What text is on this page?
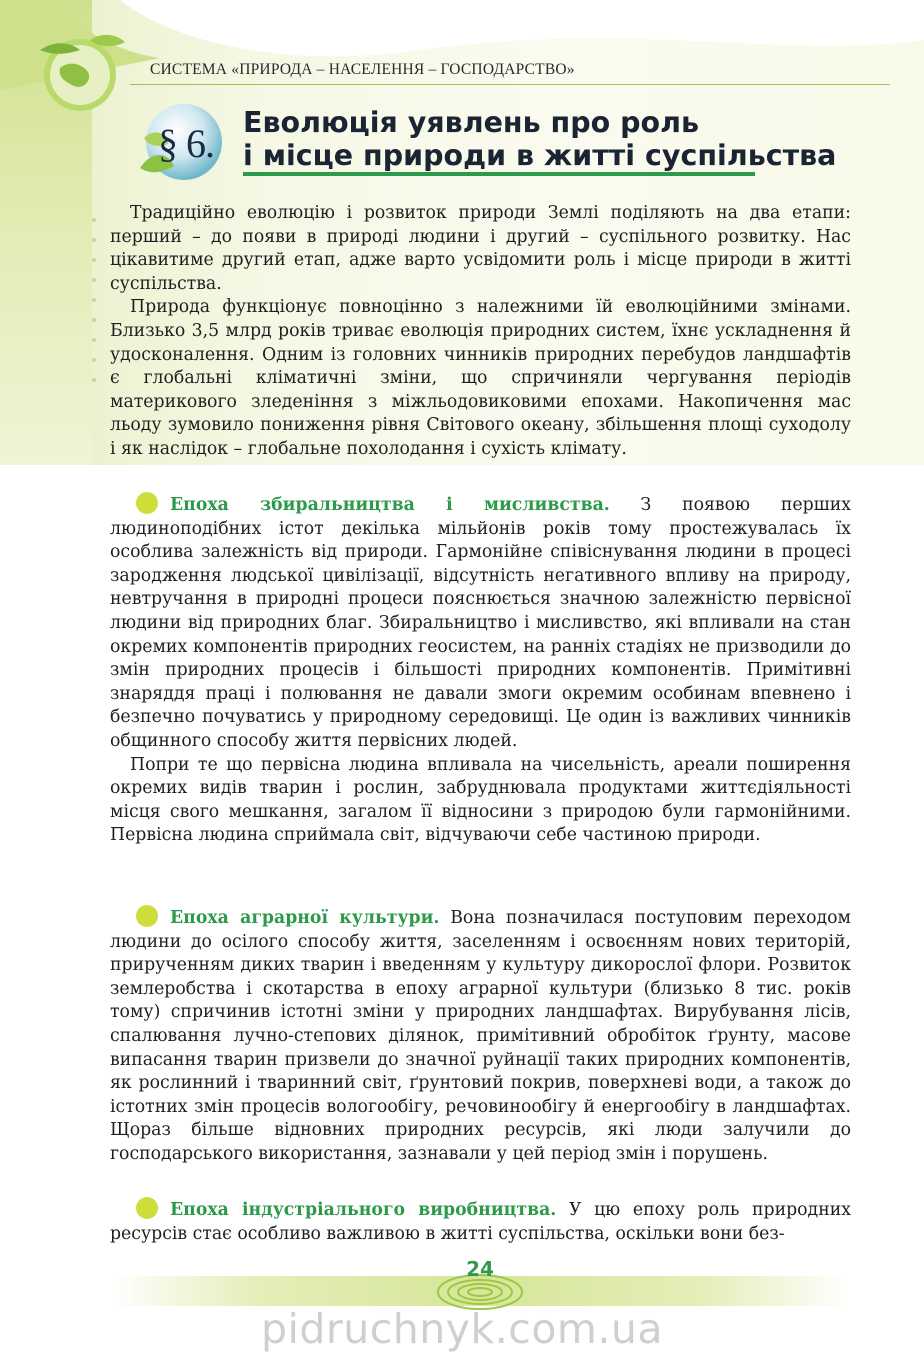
СИСТЕМА «ПРИРОДА – НАСЕЛЕННЯ – ГОСПОДАРСТВО»
§ 6.	Еволюція уявлень про роль
і місце природи в житті суспільства

Традиційно еволюцію і розвиток природи Землі поділяють на два етапи: перший – до появи в природі людини і другий – суспільного розвитку. Нас цікавитиме другий етап, адже варто усвідомити роль і місце природи в житті суспільства.

Природа функціонує повноцінно з належними їй еволюційними змінами. Близько 3,5 млрд років триває еволюція природних систем, їхнє ускладнення й удосконалення. Одним із головних чинників природних перебудов ландшафтів є глобальні кліматичні зміни, що спричиняли чергування періодів материкового зледеніння з міжльодовиковими епохами. Накопичення мас льоду зумовило пониження рівня Світового океану, збільшення площі суходолу і як наслідок – глобальне похолодання і сухість клімату.

Епоха збиральництва і мисливства. З появою перших людиноподібних істот декілька мільйонів років тому простежувалась їх особлива залежність від природи. Гармонійне співіснування людини в процесі зародження людської цивілізації, відсутність негативного впливу на природу, невтручання в природні процеси пояснюється значною залежністю первісної людини від природних благ. Збиральництво і мисливство, які впливали на стан окремих компонентів природних геосистем, на ранніх стадіях не призводили до змін природних процесів і більшості природних компонентів. Примітивні знаряддя праці і полювання не давали змоги окремим особинам впевнено і безпечно почуватись у природному середовищі. Це один із важливих чинників общинного способу життя первісних людей.

Попри те що первісна людина впливала на чисельність, ареали поширення окремих видів тварин і рослин, забруднювала продуктами життєдіяльності місця свого мешкання, загалом її відносини з природою були гармонійними. Первісна людина сприймала світ, відчуваючи себе частиною природи.

Епоха аграрної культури. Вона позначилася поступовим переходом людини до осілого способу життя, заселенням і освоєнням нових територій, прирученням диких тварин і введенням у культуру дикорослої флори. Розвиток землеробства і скотарства в епоху аграрної культури (близько 8 тис. років тому) спричинив істотні зміни у природних ландшафтах. Вирубування лісів, спалювання лучно-степових ділянок, примітивний обробіток ґрунту, масове випасання тварин призвели до значної руйнації таких природних компонентів, як рослинний і тваринний світ, ґрунтовий покрив, поверхневі води, а також до істотних змін процесів вологообігу, речовинообігу й енергообігу в ландшафтах. Щораз більше відновних природних ресурсів, які люди залучили до господарського використання, зазнавали у цей період змін і порушень.

Епоха індустріального виробництва. У цю епоху роль природних ресурсів стає особливо важливою в житті суспільства, оскільки вони без-

24
pidruchnyk.com.ua
